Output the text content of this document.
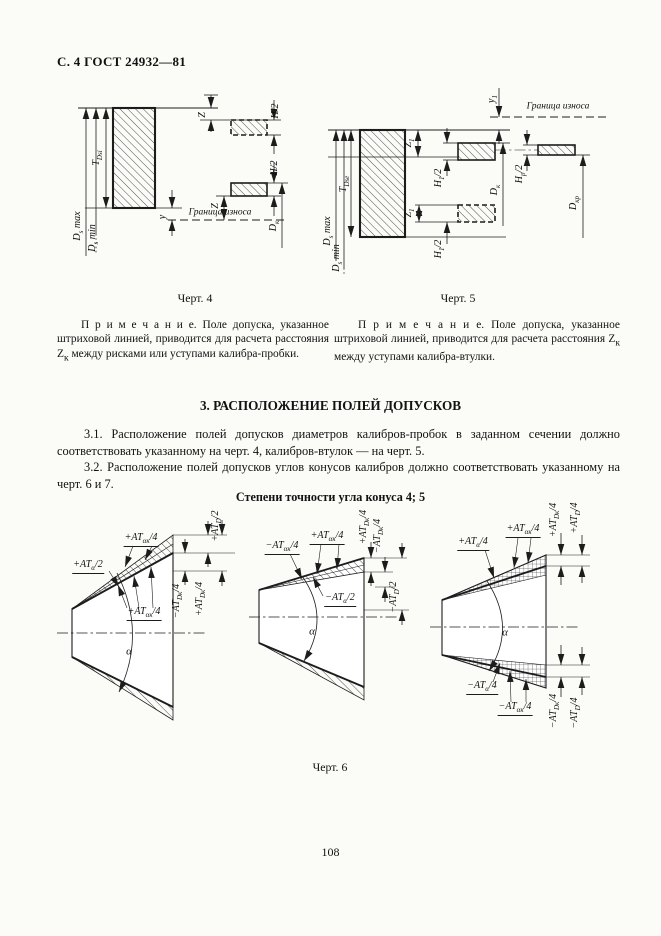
С. 4 ГОСТ 24932—81
$T_{Dsi}$
$D_s$ max
$D_s$ min
Z	H/2
H/2
Z
y Граница износа
$D_к$
Черт. 4
$y_1$
Граница износа
$D_s$ max
$T_{Dse}$
$D_s$ min
$Z_1$
$H_1/2$
$H_р/2$
$D_к$
$D_{кр}$
$Z_1$
$H_1/2$
Черт. 5

П р и м е ч а н и е. Поле допуска, указанное штриховой линией, приводится для расчета расстояния $Z_к$ между рисками или уступами калибра-пробки.

П р и м е ч а н и е. Поле допуска, указанное штриховой линией, приводится для расчета расстояния $Z_к$ между уступами калибра-втулки.

3. РАСПОЛОЖЕНИЕ ПОЛЕЙ ДОПУСКОВ

3.1. Расположение полей допусков диаметров калибров-пробок в заданном сечении должно соответствовать указанному на черт. 4, калибров-втулок — на черт. 5.

3.2. Расположение полей допусков углов конусов калибров должно соответствовать указанному на черт. 6 и 7.

Степени точности угла конуса 4; 5
$+AT_\alpha/2$
$+AT_{\alpha к}/4$
$+AT_{\alpha к}/4$
α
$-AT_{Dк}/4$
$+AT_{Dк}/4$
$+AT_D/2$
$-AT_{\alpha к}/4$
$+AT_{\alpha к}/4$
$-AT_\alpha/2$
α
$+AT_{Dк}/4$
$-AT_{Dк}/4$
$-AT_D/2$
$+AT_\alpha/4$
$+AT_{\alpha к}/4$
α
$-AT_\alpha/4$
$-AT_{\alpha к}/4$
$+AT_{Dк}/4$
$+AT_D/4$
$-AT_{Dк}/4$
$-AT_D/4$
Черт. 6
108
